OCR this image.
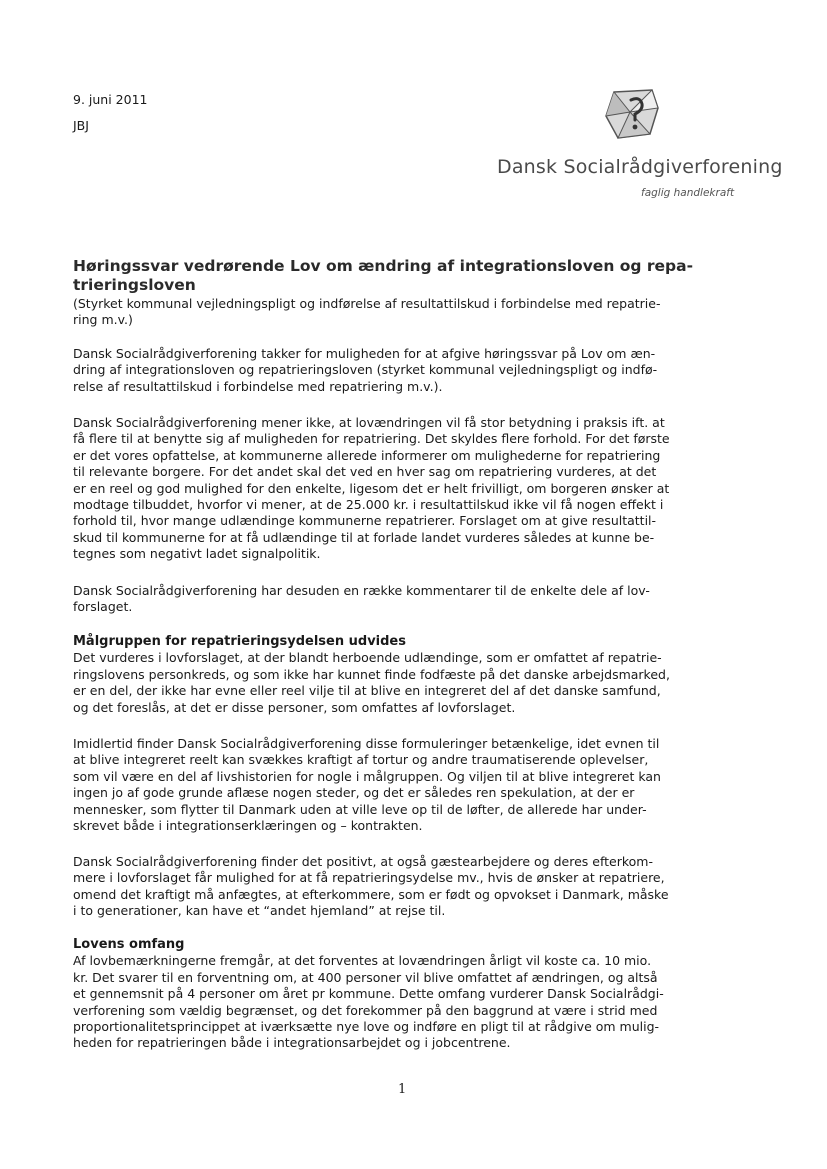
9. juni 2011
JBJ
Dansk Socialrådgiverforening
faglig handlekraft
Høringssvar vedrørende Lov om ændring af integrationsloven og repa-
trieringsloven
(Styrket kommunal vejledningspligt og indførelse af resultattilskud i forbindelse med repatrie-
ring m.v.)
Dansk Socialrådgiverforening takker for muligheden for at afgive høringssvar på Lov om æn-
dring af integrationsloven og repatrieringsloven (styrket kommunal vejledningspligt og indfø-
relse af resultattilskud i forbindelse med repatriering m.v.).
Dansk Socialrådgiverforening mener ikke, at lovændringen vil få stor betydning i praksis ift. at
få flere til at benytte sig af muligheden for repatriering. Det skyldes flere forhold. For det første
er det vores opfattelse, at kommunerne allerede informerer om mulighederne for repatriering
til relevante borgere. For det andet skal det ved en hver sag om repatriering vurderes, at det
er en reel og god mulighed for den enkelte, ligesom det er helt frivilligt, om borgeren ønsker at
modtage tilbuddet, hvorfor vi mener, at de 25.000 kr. i resultattilskud ikke vil få nogen effekt i
forhold til, hvor mange udlændinge kommunerne repatrierer. Forslaget om at give resultattil-
skud til kommunerne for at få udlændinge til at forlade landet vurderes således at kunne be-
tegnes som negativt ladet signalpolitik.
Dansk Socialrådgiverforening har desuden en række kommentarer til de enkelte dele af lov-
forslaget.
Målgruppen for repatrieringsydelsen udvides
Det vurderes i lovforslaget, at der blandt herboende udlændinge, som er omfattet af repatrie-
ringslovens personkreds, og som ikke har kunnet finde fodfæste på det danske arbejdsmarked,
er en del, der ikke har evne eller reel vilje til at blive en integreret del af det danske samfund,
og det foreslås, at det er disse personer, som omfattes af lovforslaget.
Imidlertid finder Dansk Socialrådgiverforening disse formuleringer betænkelige, idet evnen til
at blive integreret reelt kan svækkes kraftigt af tortur og andre traumatiserende oplevelser,
som vil være en del af livshistorien for nogle i målgruppen. Og viljen til at blive integreret kan
ingen jo af gode grunde aflæse nogen steder, og det er således ren spekulation, at der er
mennesker, som flytter til Danmark uden at ville leve op til de løfter, de allerede har under-
skrevet både i integrationserklæringen og – kontrakten.
Dansk Socialrådgiverforening finder det positivt, at også gæstearbejdere og deres efterkom-
mere i lovforslaget får mulighed for at få repatrieringsydelse mv., hvis de ønsker at repatriere,
omend det kraftigt må anfægtes, at efterkommere, som er født og opvokset i Danmark, måske
i to generationer, kan have et “andet hjemland” at rejse til.
Lovens omfang
Af lovbemærkningerne fremgår, at det forventes at lovændringen årligt vil koste ca. 10 mio.
kr. Det svarer til en forventning om, at 400 personer vil blive omfattet af ændringen, og altså
et gennemsnit på 4 personer om året pr kommune. Dette omfang vurderer Dansk Socialrådgi-
verforening som vældig begrænset, og det forekommer på den baggrund at være i strid med
proportionalitetsprincippet at iværksætte nye love og indføre en pligt til at rådgive om mulig-
heden for repatrieringen både i integrationsarbejdet og i jobcentrene.
1
